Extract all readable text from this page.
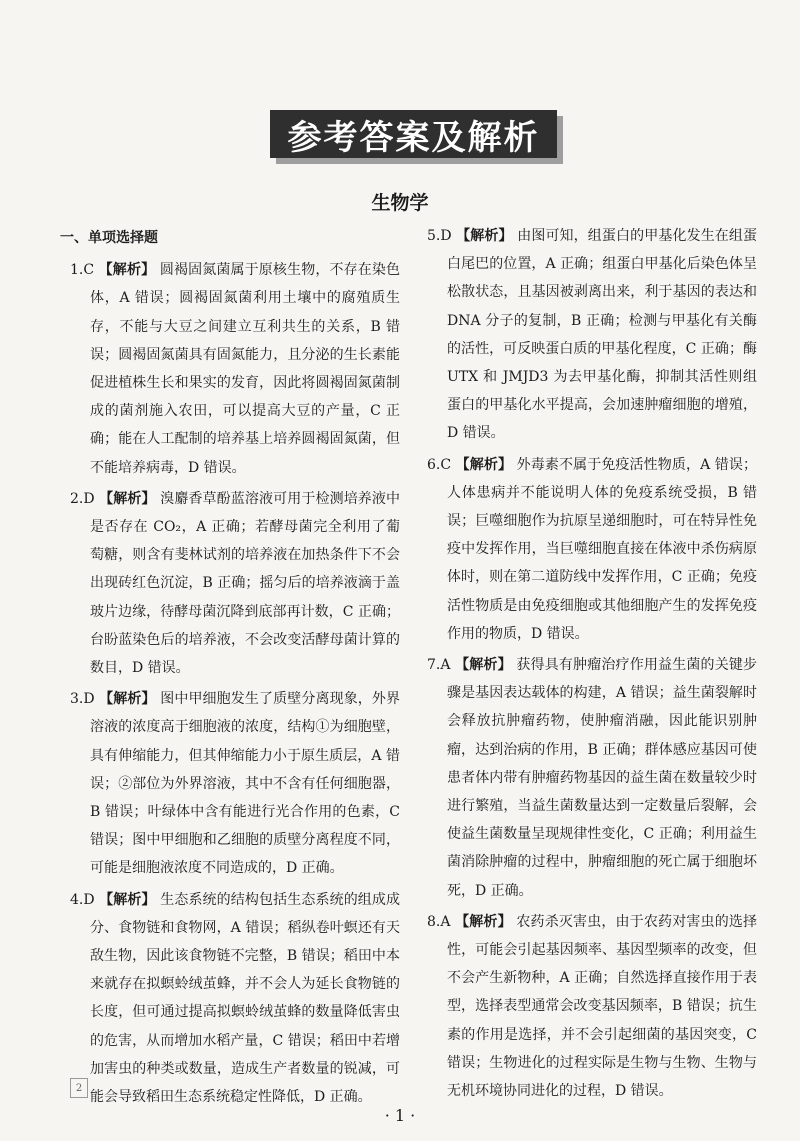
参考答案及解析
生物学
一、单项选择题
1.C 【解析】 圆褐固氮菌属于原核生物，不存在染色体，A 错误；圆褐固氮菌利用土壤中的腐殖质生存，不能与大豆之间建立互利共生的关系，B 错误；圆褐固氮菌具有固氮能力，且分泌的生长素能促进植株生长和果实的发育，因此将圆褐固氮菌制成的菌剂施入农田，可以提高大豆的产量，C 正确；能在人工配制的培养基上培养圆褐固氮菌，但不能培养病毒，D 错误。
2.D 【解析】 溴麝香草酚蓝溶液可用于检测培养液中是否存在 CO₂，A 正确；若酵母菌完全利用了葡萄糖，则含有斐林试剂的培养液在加热条件下不会出现砖红色沉淀，B 正确；摇匀后的培养液滴于盖玻片边缘，待酵母菌沉降到底部再计数，C 正确；台盼蓝染色后的培养液，不会改变活酵母菌计算的数目，D 错误。
3.D 【解析】 图中甲细胞发生了质壁分离现象，外界溶液的浓度高于细胞液的浓度，结构①为细胞壁，具有伸缩能力，但其伸缩能力小于原生质层，A 错误；②部位为外界溶液，其中不含有任何细胞器，B 错误；叶绿体中含有能进行光合作用的色素，C 错误；图中甲细胞和乙细胞的质壁分离程度不同，可能是细胞液浓度不同造成的，D 正确。
4.D 【解析】 生态系统的结构包括生态系统的组成成分、食物链和食物网，A 错误；稻纵卷叶螟还有天敌生物，因此该食物链不完整，B 错误；稻田中本来就存在拟螟蛉绒茧蜂，并不会人为延长食物链的长度，但可通过提高拟螟蛉绒茧蜂的数量降低害虫的危害，从而增加水稻产量，C 错误；稻田中若增加害虫的种类或数量，造成生产者数量的锐减，可能会导致稻田生态系统稳定性降低，D 正确。
5.D 【解析】 由图可知，组蛋白的甲基化发生在组蛋白尾巴的位置，A 正确；组蛋白甲基化后染色体呈松散状态，且基因被剥离出来，利于基因的表达和 DNA 分子的复制，B 正确；检测与甲基化有关酶的活性，可反映蛋白质的甲基化程度，C 正确；酶 UTX 和 JMJD3 为去甲基化酶，抑制其活性则组蛋白的甲基化水平提高，会加速肿瘤细胞的增殖，D 错误。
6.C 【解析】 外毒素不属于免疫活性物质，A 错误；人体患病并不能说明人体的免疫系统受损，B 错误；巨噬细胞作为抗原呈递细胞时，可在特异性免疫中发挥作用，当巨噬细胞直接在体液中杀伤病原体时，则在第二道防线中发挥作用，C 正确；免疫活性物质是由免疫细胞或其他细胞产生的发挥免疫作用的物质，D 错误。
7.A 【解析】 获得具有肿瘤治疗作用益生菌的关键步骤是基因表达载体的构建，A 错误；益生菌裂解时会释放抗肿瘤药物，使肿瘤消融，因此能识别肿瘤，达到治病的作用，B 正确；群体感应基因可使患者体内带有肿瘤药物基因的益生菌在数量较少时进行繁殖，当益生菌数量达到一定数量后裂解，会使益生菌数量呈现规律性变化，C 正确；利用益生菌消除肿瘤的过程中，肿瘤细胞的死亡属于细胞坏死，D 正确。
8.A 【解析】 农药杀灭害虫，由于农药对害虫的选择性，可能会引起基因频率、基因型频率的改变，但不会产生新物种，A 正确；自然选择直接作用于表型，选择表型通常会改变基因频率，B 错误；抗生素的作用是选择，并不会引起细菌的基因突变，C 错误；生物进化的过程实际是生物与生物、生物与无机环境协同进化的过程，D 错误。
2
· 1 ·
